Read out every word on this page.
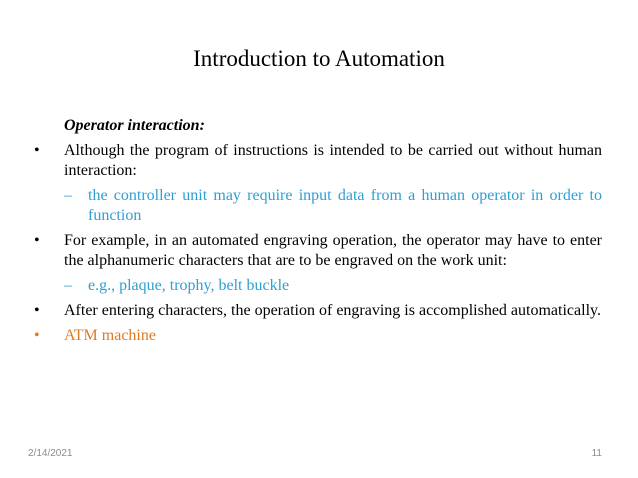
Introduction to Automation
Operator interaction:
• Although the program of instructions is intended to be carried out without human interaction:
– the controller unit may require input data from a human operator in order to function
• For example, in an automated engraving operation, the operator may have to enter the alphanumeric characters that are to be engraved on the work unit:
– e.g., plaque, trophy, belt buckle
• After entering characters, the operation of engraving is accomplished automatically.
• ATM machine
2/14/2021	11
